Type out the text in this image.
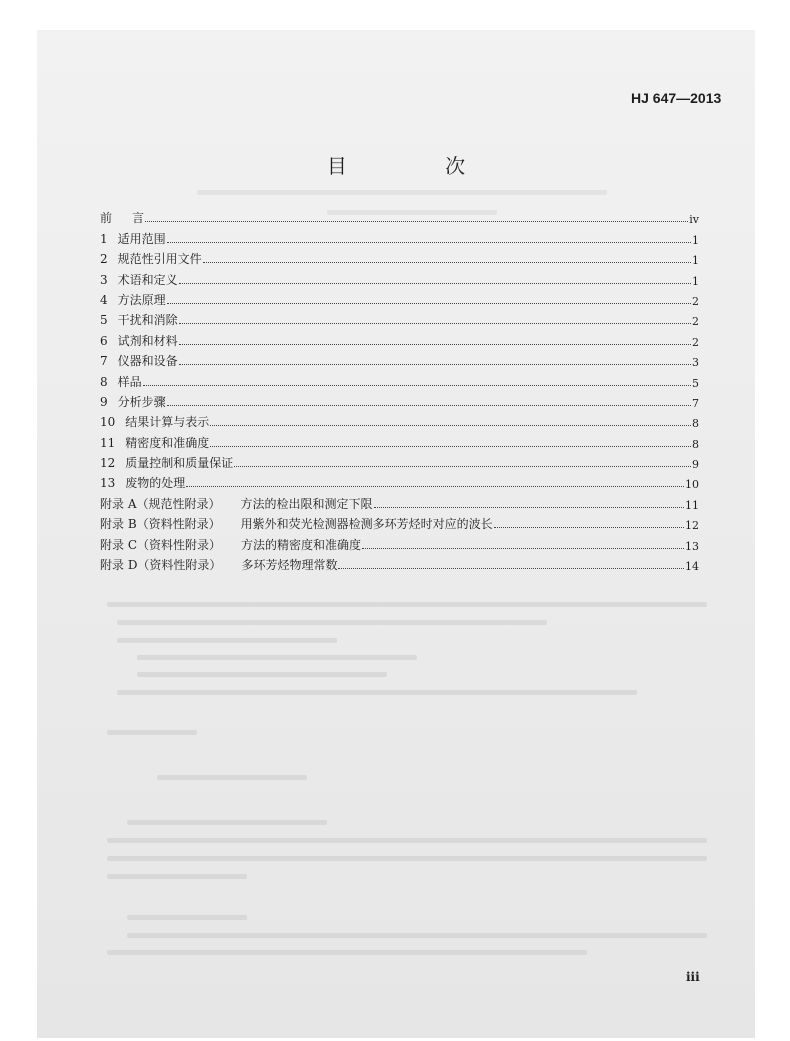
HJ 647—2013
目 次
前 言	iv
1 适用范围	1
2 规范性引用文件	1
3 术语和定义	1
4 方法原理	2
5 干扰和消除	2
6 试剂和材料	2
7 仪器和设备	3
8 样品	5
9 分析步骤	7
10 结果计算与表示	8
11 精密度和准确度	8
12 质量控制和质量保证	9
13 废物的处理	10
附录 A（规范性附录） 方法的检出限和测定下限	11
附录 B（资料性附录） 用紫外和荧光检测器检测多环芳烃时对应的波长	12
附录 C（资料性附录） 方法的精密度和准确度	13
附录 D（资料性附录） 多环芳烃物理常数	14
iii
